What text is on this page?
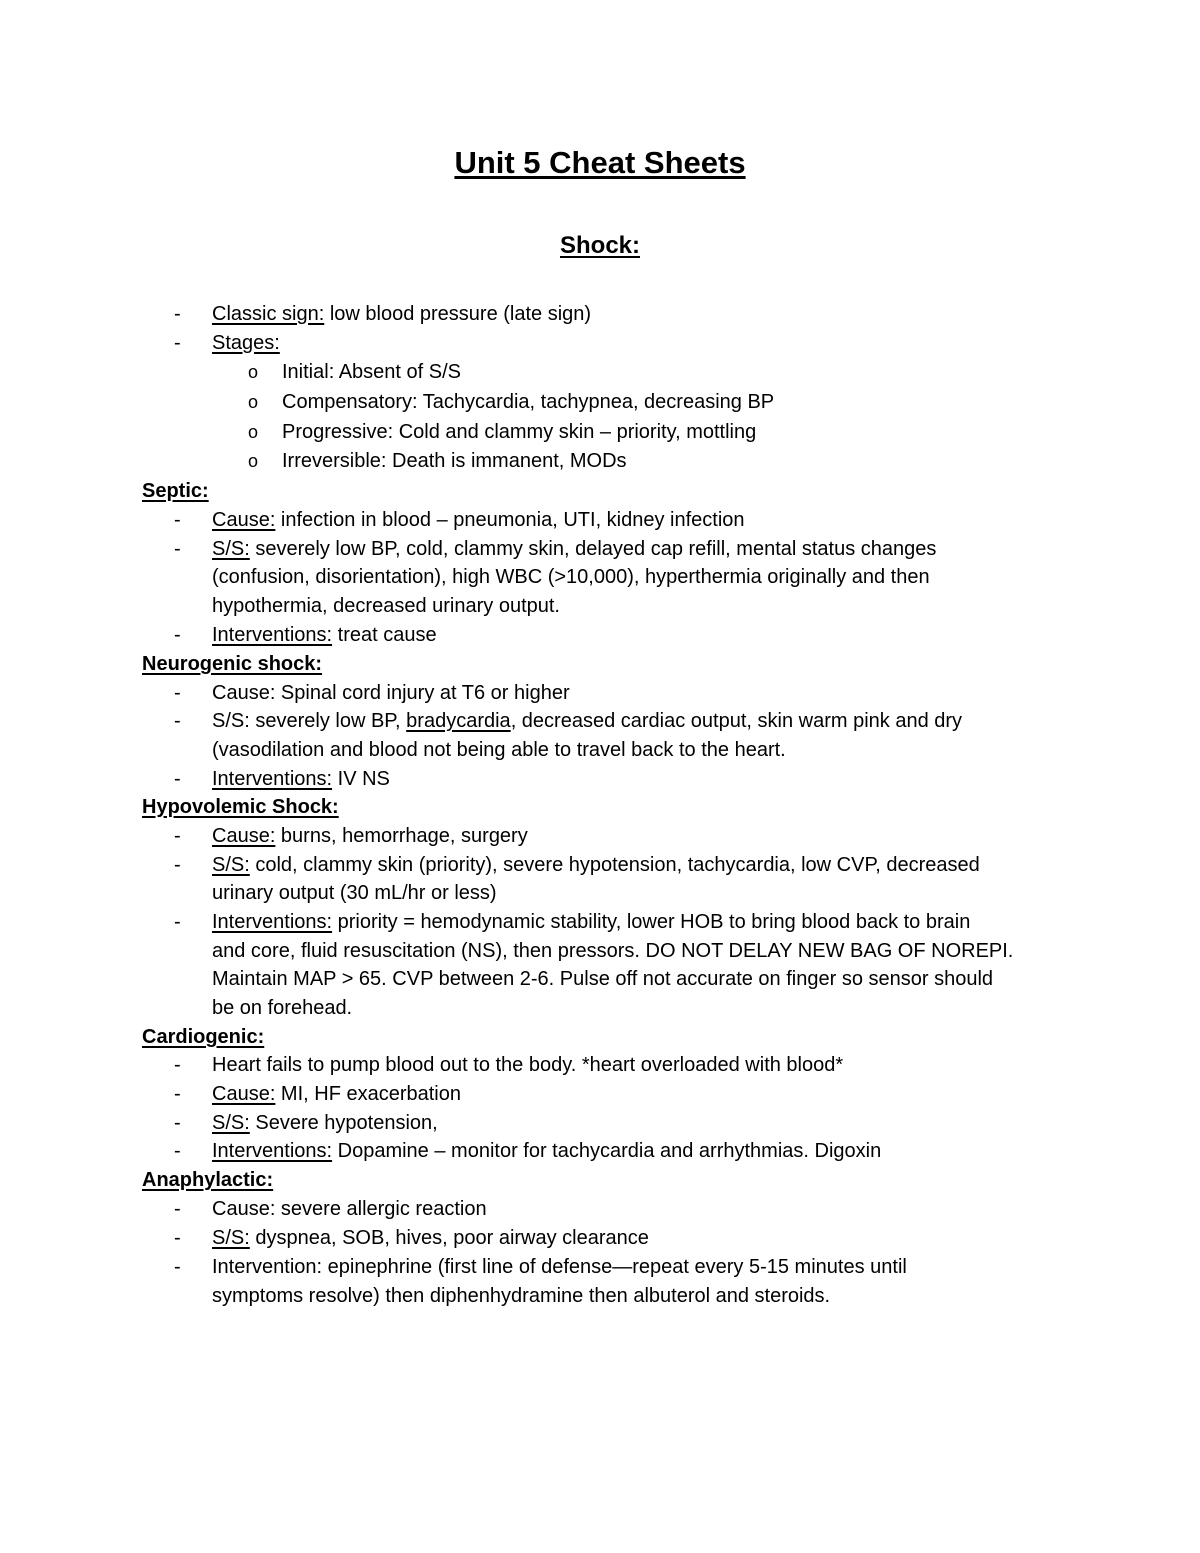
Unit 5 Cheat Sheets
Shock:
- Classic sign: low blood pressure (late sign)
- Stages:
o Initial: Absent of S/S
o Compensatory: Tachycardia, tachypnea, decreasing BP
o Progressive: Cold and clammy skin – priority, mottling
o Irreversible: Death is immanent, MODs
Septic:
- Cause: infection in blood – pneumonia, UTI, kidney infection
- S/S: severely low BP, cold, clammy skin, delayed cap refill, mental status changes
(confusion, disorientation), high WBC (>10,000), hyperthermia originally and then
hypothermia, decreased urinary output.
- Interventions: treat cause
Neurogenic shock:
- Cause: Spinal cord injury at T6 or higher
- S/S: severely low BP, bradycardia, decreased cardiac output, skin warm pink and dry
(vasodilation and blood not being able to travel back to the heart.
- Interventions: IV NS
Hypovolemic Shock:
- Cause: burns, hemorrhage, surgery
- S/S: cold, clammy skin (priority), severe hypotension, tachycardia, low CVP, decreased
urinary output (30 mL/hr or less)
- Interventions: priority = hemodynamic stability, lower HOB to bring blood back to brain
and core, fluid resuscitation (NS), then pressors. DO NOT DELAY NEW BAG OF NOREPI.
Maintain MAP > 65. CVP between 2-6. Pulse off not accurate on finger so sensor should
be on forehead.
Cardiogenic:
- Heart fails to pump blood out to the body. *heart overloaded with blood*
- Cause: MI, HF exacerbation
- S/S: Severe hypotension,
- Interventions: Dopamine – monitor for tachycardia and arrhythmias. Digoxin
Anaphylactic:
- Cause: severe allergic reaction
- S/S: dyspnea, SOB, hives, poor airway clearance
- Intervention: epinephrine (first line of defense—repeat every 5-15 minutes until
symptoms resolve) then diphenhydramine then albuterol and steroids.
